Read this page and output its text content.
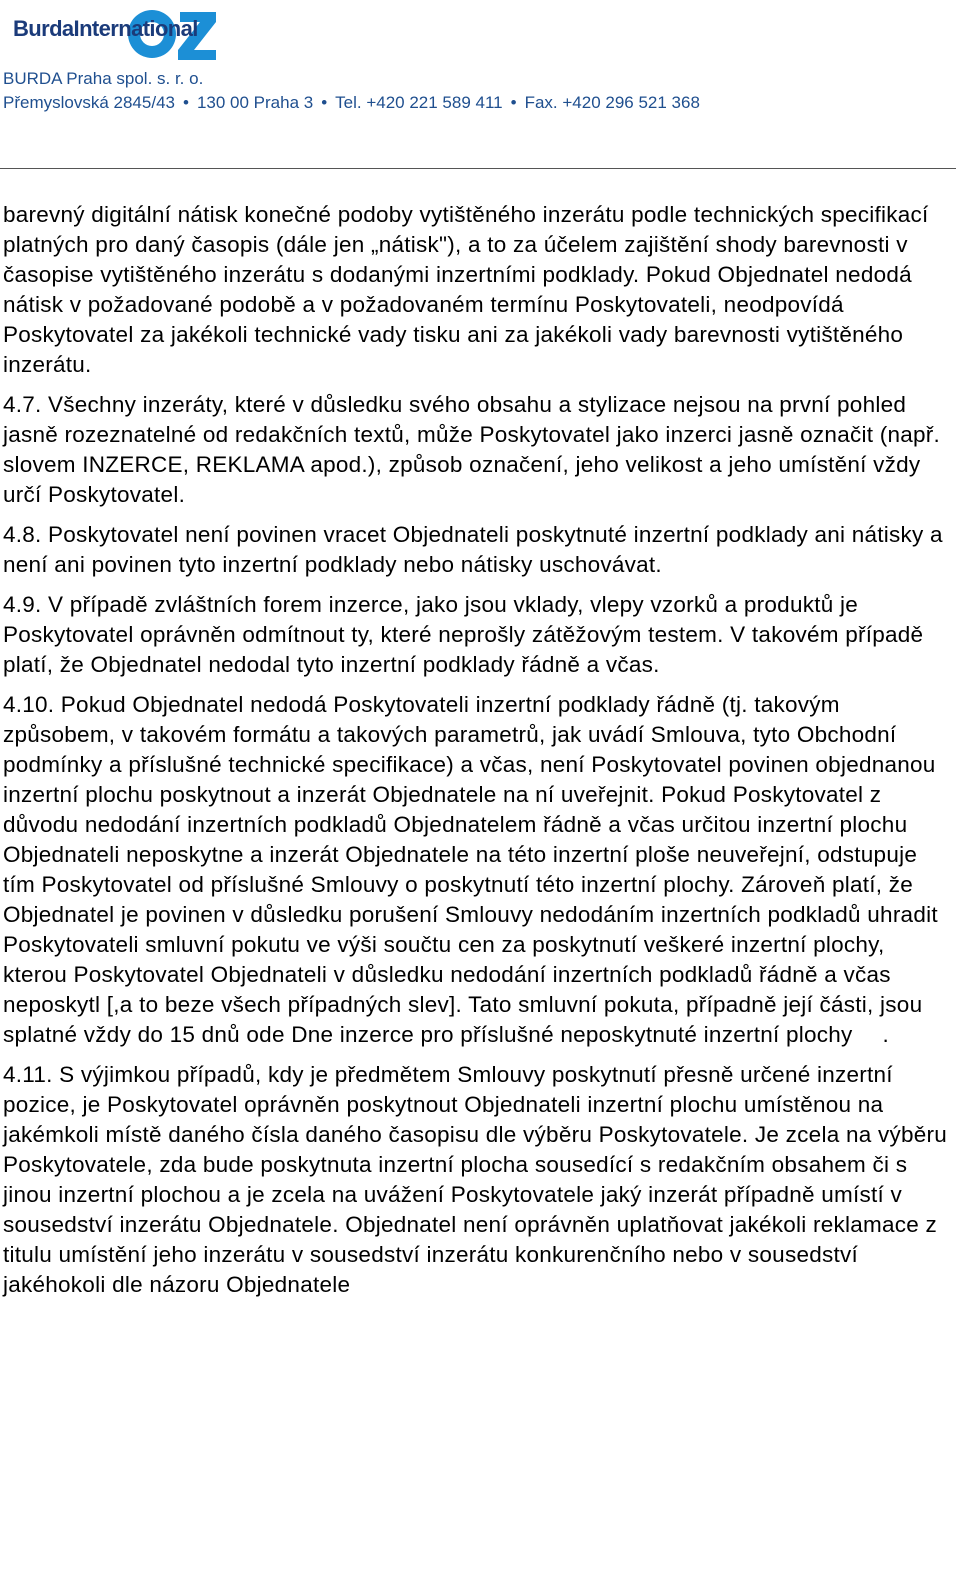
BurdaInternational
BURDA Praha spol. s. r. o.
Přemyslovská 2845/43 • 130 00 Praha 3 • Tel. +420 221 589 411 • Fax. +420 296 521 368

barevný digitální nátisk konečné podoby vytištěného inzerátu podle technických specifikací platných pro daný časopis (dále jen „nátisk"), a to za účelem zajištění shody barevnosti v časopise vytištěného inzerátu s dodanými inzertními podklady. Pokud Objednatel nedodá nátisk v požadované podobě a v požadovaném termínu Poskytovateli, neodpovídá Poskytovatel za jakékoli technické vady tisku ani za jakékoli vady barevnosti vytištěného inzerátu.

4.7. Všechny inzeráty, které v důsledku svého obsahu a stylizace nejsou na první pohled jasně rozeznatelné od redakčních textů, může Poskytovatel jako inzerci jasně označit (např. slovem INZERCE, REKLAMA apod.), způsob označení, jeho velikost a jeho umístění vždy určí Poskytovatel.

4.8. Poskytovatel není povinen vracet Objednateli poskytnuté inzertní podklady ani nátisky a není ani povinen tyto inzertní podklady nebo nátisky uschovávat.

4.9. V případě zvláštních forem inzerce, jako jsou vklady, vlepy vzorků a produktů je Poskytovatel oprávněn odmítnout ty, které neprošly zátěžovým testem. V takovém případě platí, že Objednatel nedodal tyto inzertní podklady řádně a včas.

4.10. Pokud Objednatel nedodá Poskytovateli inzertní podklady řádně (tj. takovým způsobem, v takovém formátu a takových parametrů, jak uvádí Smlouva, tyto Obchodní podmínky a příslušné technické specifikace) a včas, není Poskytovatel povinen objednanou inzertní plochu poskytnout a inzerát Objednatele na ní uveřejnit. Pokud Poskytovatel z důvodu nedodání inzertních podkladů Objednatelem řádně a včas určitou inzertní plochu Objednateli neposkytne a inzerát Objednatele na této inzertní ploše neuveřejní, odstupuje tím Poskytovatel od příslušné Smlouvy o poskytnutí této inzertní plochy. Zároveň platí, že Objednatel je povinen v důsledku porušení Smlouvy nedodáním inzertních podkladů uhradit Poskytovateli smluvní pokutu ve výši součtu cen za poskytnutí veškeré inzertní plochy, kterou Poskytovatel Objednateli v důsledku nedodání inzertních podkladů řádně a včas neposkytl [,a to beze všech případných slev]. Tato smluvní pokuta, případně její části, jsou splatné vždy do 15 dnů ode Dne inzerce pro příslušné neposkytnuté inzertní plochy .

4.11. S výjimkou případů, kdy je předmětem Smlouvy poskytnutí přesně určené inzertní pozice, je Poskytovatel oprávněn poskytnout Objednateli inzertní plochu umístěnou na jakémkoli místě daného čísla daného časopisu dle výběru Poskytovatele. Je zcela na výběru Poskytovatele, zda bude poskytnuta inzertní plocha sousedící s redakčním obsahem či s jinou inzertní plochou a je zcela na uvážení Poskytovatele jaký inzerát případně umístí v sousedství inzerátu Objednatele. Objednatel není oprávněn uplatňovat jakékoli reklamace z titulu umístění jeho inzerátu v sousedství inzerátu konkurenčního nebo v sousedství jakéhokoli dle názoru Objednatele
